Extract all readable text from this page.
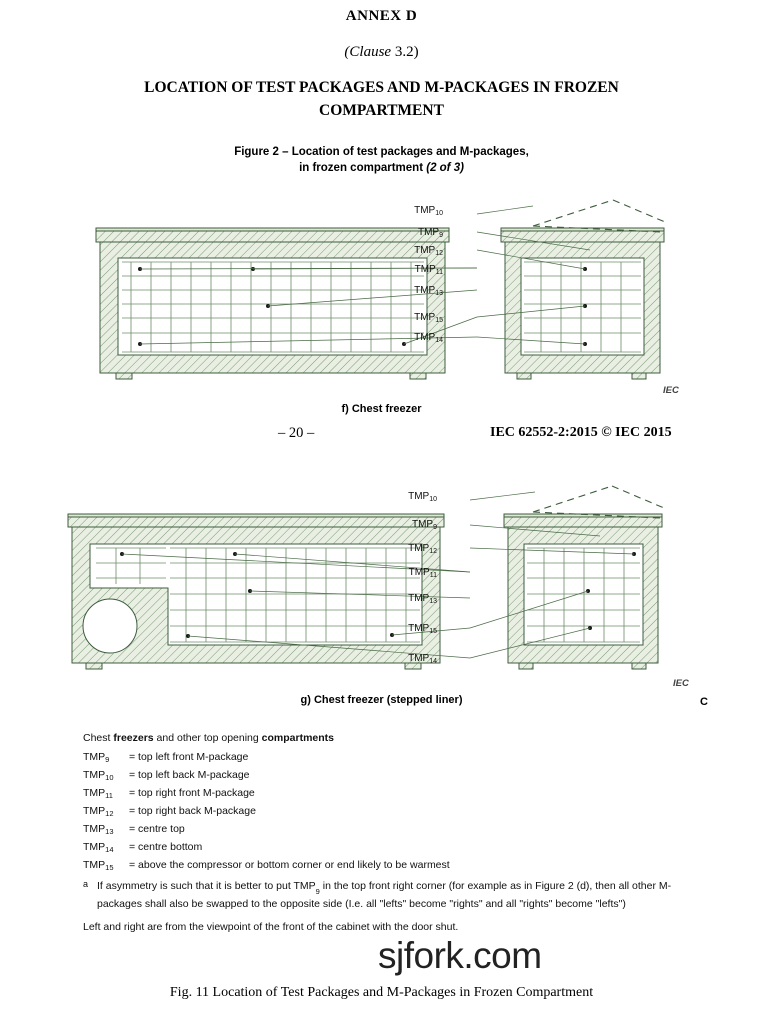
ANNEX D
(Clause 3.2)
LOCATION OF TEST PACKAGES AND M-PACKAGES IN FROZEN
COMPARTMENT
Figure 2 – Location of test packages and M-packages,
in frozen compartment (2 of 3)
$TMP_{10}$
$TMP_9$
$TMP_{12}$
$TMP_{11}$
$TMP_{13}$
$TMP_{15}$
$TMP_{14}$
IEC
f) Chest freezer
– 20 –	IEC 62552-2:2015 © IEC 2015
$TMP_{10}$
$TMP_9$
$TMP_{12}$
$TMP_{11}$
$TMP_{13}$
$TMP_{15}$
$TMP_{14}$
IEC
g) Chest freezer (stepped liner)	C
Chest freezers and other top opening compartments
$TMP_9$	= top left front M-package
$TMP_{10}$	= top left back M-package
$TMP_{11}$	= top right front M-package
$TMP_{12}$	= top right back M-package
$TMP_{13}$	= centre top
$TMP_{14}$	= centre bottom
$TMP_{15}$	= above the compressor or bottom corner or end likely to be warmest
a If asymmetry is such that it is better to put $TMP_9$ in the top front right corner (for example as in Figure 2 (d), then all other M-packages shall also be swapped to the opposite side (I.e. all "lefts" become "rights" and all "rights" become "lefts")
Left and right are from the viewpoint of the front of the cabinet with the door shut.
sjfork.com
Fig. 11 Location of Test Packages and M-Packages in Frozen Compartment
